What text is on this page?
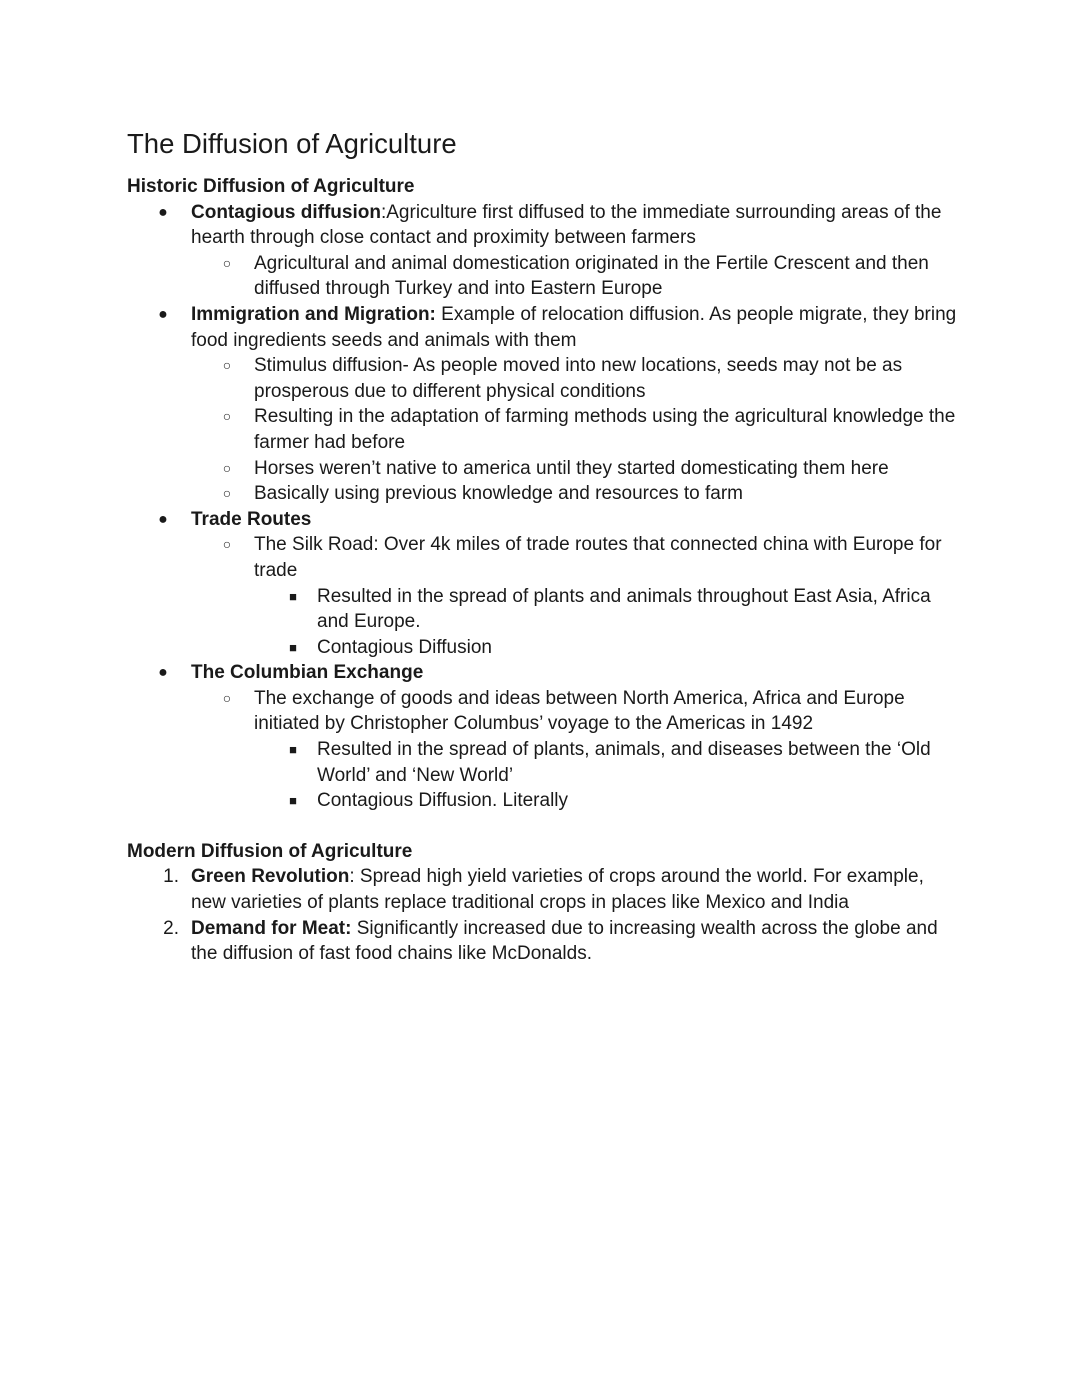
The Diffusion of Agriculture
Historic Diffusion of Agriculture
● Contagious diffusion:Agriculture first diffused to the immediate surrounding areas of the hearth through close contact and proximity between farmers
○	Agricultural and animal domestication originated in the Fertile Crescent and then diffused through Turkey and into Eastern Europe
● Immigration and Migration: Example of relocation diffusion. As people migrate, they bring food ingredients seeds and animals with them
○	Stimulus diffusion- As people moved into new locations, seeds may not be as prosperous due to different physical conditions
○	Resulting in the adaptation of farming methods using the agricultural knowledge the farmer had before
○	Horses weren’t native to america until they started domesticating them here
○	Basically using previous knowledge and resources to farm
● Trade Routes
○	The Silk Road: Over 4k miles of trade routes that connected china with Europe for trade
■	Resulted in the spread of plants and animals throughout East Asia, Africa and Europe.
■	Contagious Diffusion
● The Columbian Exchange
○	The exchange of goods and ideas between North America, Africa and Europe initiated by Christopher Columbus’ voyage to the Americas in 1492
■	Resulted in the spread of plants, animals, and diseases between the ‘Old World’ and ‘New World’
■	Contagious Diffusion. Literally
Modern Diffusion of Agriculture
1. Green Revolution: Spread high yield varieties of crops around the world. For example, new varieties of plants replace traditional crops in places like Mexico and India
2. Demand for Meat: Significantly increased due to increasing wealth across the globe and the diffusion of fast food chains like McDonalds.
